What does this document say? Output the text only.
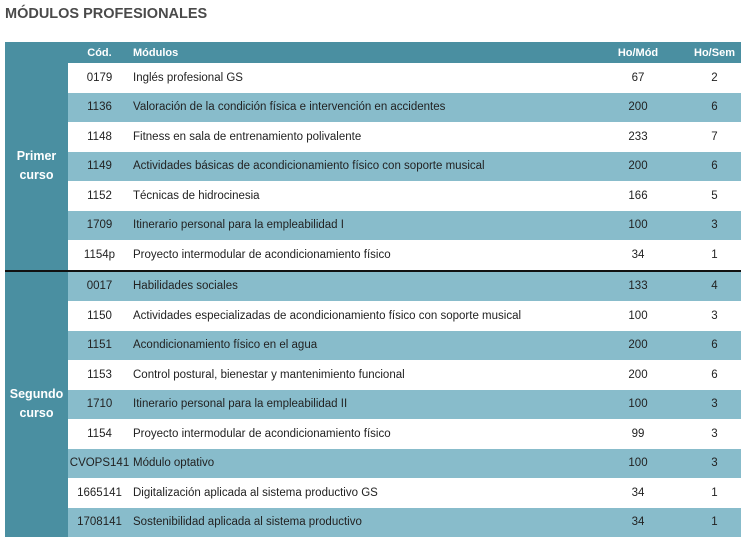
MÓDULOS PROFESIONALES
	Cód.	Módulos	Ho/Mód	Ho/Sem
Primer
curso	0179	Inglés profesional GS	67	2
	1136	Valoración de la condición física e intervención en accidentes	200	6
	1148	Fitness en sala de entrenamiento polivalente	233	7
	1149	Actividades básicas de acondicionamiento físico con soporte musical	200	6
	1152	Técnicas de hidrocinesia	166	5
	1709	Itinerario personal para la empleabilidad I	100	3
	1154p	Proyecto intermodular de acondicionamiento físico	34	1
Segundo
curso	0017	Habilidades sociales	133	4
	1150	Actividades especializadas de acondicionamiento físico con soporte musical	100	3
	1151	Acondicionamiento físico en el agua	200	6
	1153	Control postural, bienestar y mantenimiento funcional	200	6
	1710	Itinerario personal para la empleabilidad II	100	3
	1154	Proyecto intermodular de acondicionamiento físico	99	3
	CVOPS141	Módulo optativo	100	3
	1665141	Digitalización aplicada al sistema productivo GS	34	1
	1708141	Sostenibilidad aplicada al sistema productivo	34	1
